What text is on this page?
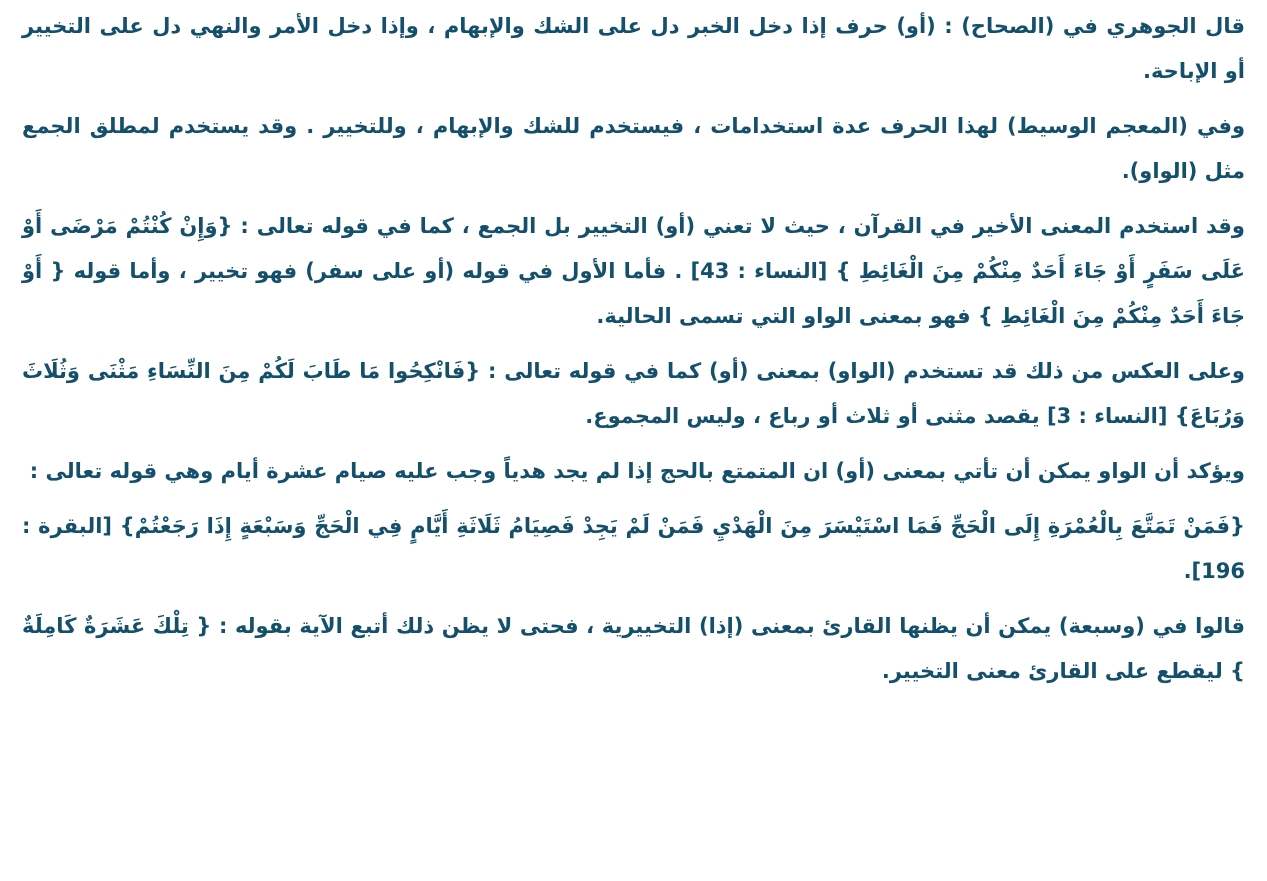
قال الجوهري في (الصحاح) : (أو) حرف إذا دخل الخبر دل على الشك والإبهام ، وإذا دخل الأمر والنهي دل على التخيير أو الإباحة.

وفي (المعجم الوسيط) لهذا الحرف عدة استخدامات ، فيستخدم للشك والإبهام ، وللتخيير . وقد يستخدم لمطلق الجمع مثل (الواو).

وقد استخدم المعنى الأخير في القرآن ، حيث لا تعني (أو) التخيير بل الجمع ، كما في قوله تعالى : {وَإِنْ كُنْتُمْ مَرْضَى أَوْ عَلَى سَفَرٍ أَوْ جَاءَ أَحَدٌ مِنْكُمْ مِنَ الْغَائِطِ } [النساء : 43] . فأما الأول في قوله (أو على سفر) فهو تخيير ، وأما قوله { أَوْ جَاءَ أَحَدٌ مِنْكُمْ مِنَ الْغَائِطِ } فهو بمعنى الواو التي تسمى الحالية.

وعلى العكس من ذلك قد تستخدم (الواو) بمعنى (أو) كما في قوله تعالى : {فَانْكِحُوا مَا طَابَ لَكُمْ مِنَ النِّسَاءِ مَثْنَى وَثُلَاثَ وَرُبَاعَ} [النساء : 3] يقصد مثنى أو ثلاث أو رباع ، وليس المجموع.

ويؤكد أن الواو يمكن أن تأتي بمعنى (أو) ان المتمتع بالحج إذا لم يجد هدياً وجب عليه صيام عشرة أيام وهي قوله تعالى :

{فَمَنْ تَمَتَّعَ بِالْعُمْرَةِ إِلَى الْحَجِّ فَمَا اسْتَيْسَرَ مِنَ الْهَدْيِ فَمَنْ لَمْ يَجِدْ فَصِيَامُ ثَلَاثَةِ أَيَّامٍ فِي الْحَجِّ وَسَبْعَةٍ إِذَا رَجَعْتُمْ} [البقرة : 196].

قالوا في (وسبعة) يمكن أن يظنها القارئ بمعنى (إذا) التخييرية ، فحتى لا يظن ذلك أتبع الآية بقوله : { تِلْكَ عَشَرَةٌ كَامِلَةٌ } ليقطع على القارئ معنى التخيير.
